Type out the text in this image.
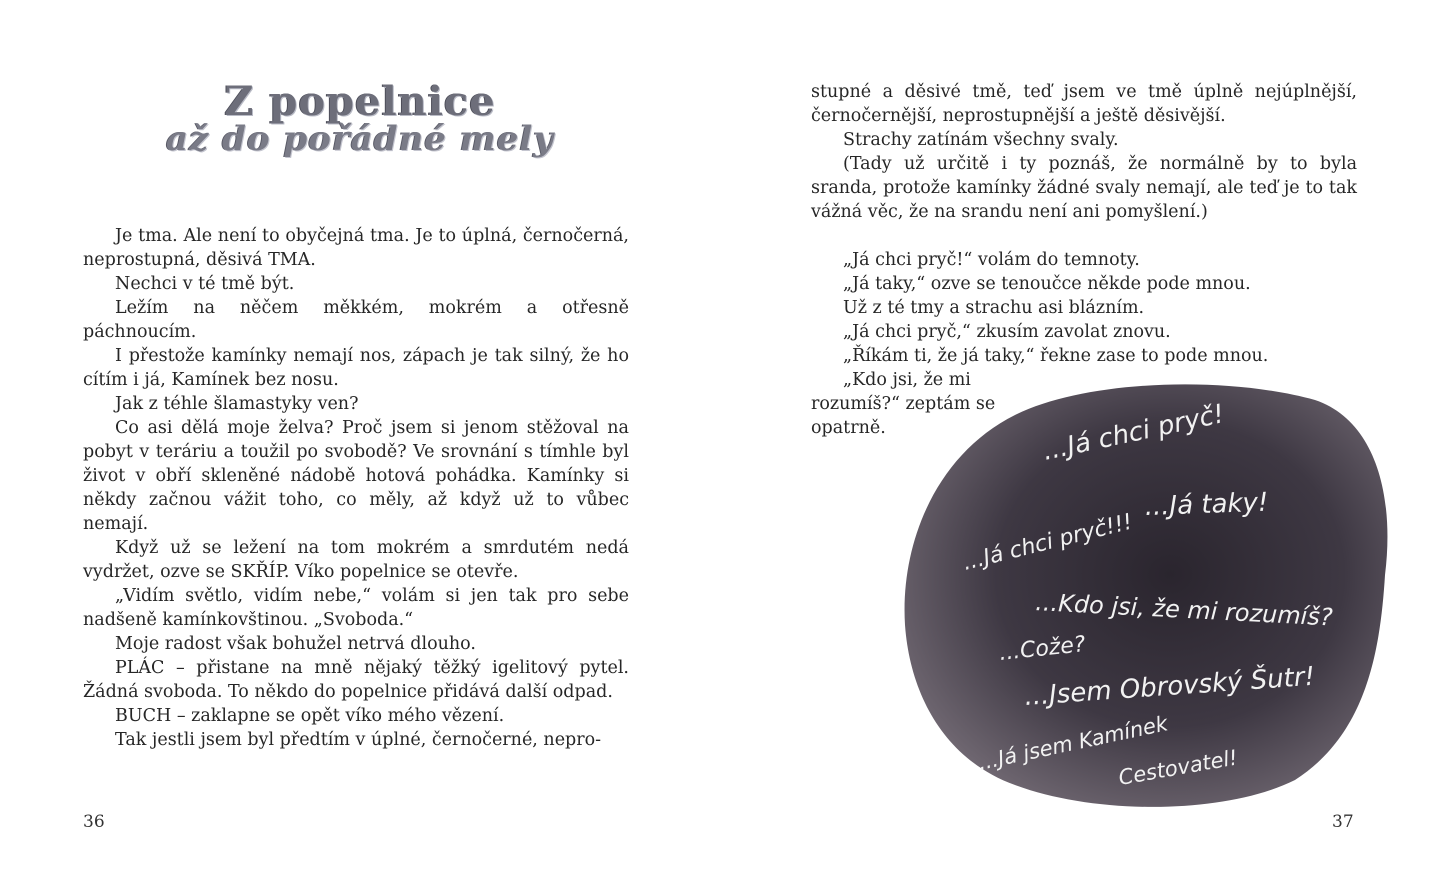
Z popelnice
až do pořádné mely

Je tma. Ale není to obyčejná tma. Je to úplná, černočerná, neprostupná, děsivá TMA.

Nechci v té tmě být.

Ležím na něčem měkkém, mokrém a otřesně páchnoucím.

I přestože kamínky nemají nos, zápach je tak silný, že ho cítím i já, Kamínek bez nosu.

Jak z téhle šlamastyky ven?

Co asi dělá moje želva? Proč jsem si jenom stěžoval na pobyt v teráriu a toužil po svobodě? Ve srovnání s tímhle byl život v obří skleněné nádobě hotová pohádka. Kamínky si někdy začnou vážit toho, co měly, až když už to vůbec nemají.

Když už se ležení na tom mokrém a smrdutém nedá vydržet, ozve se SKŘÍP. Víko popelnice se otevře.

„Vidím světlo, vidím nebe,“ volám si jen tak pro sebe nadšeně kamínkovštinou. „Svoboda.“

Moje radost však bohužel netrvá dlouho.

PLÁC – přistane na mně nějaký těžký igelitový pytel. Žádná svoboda. To někdo do popelnice přidává další odpad.

BUCH – zaklapne se opět víko mého vězení.

Tak jestli jsem byl předtím v úplné, černočerné, nepro-

36

stupné a děsivé tmě, teď jsem ve tmě úplně nejúplnější, černočernější, neprostupnější a ještě děsivější.

Strachy zatínám všechny svaly.

(Tady už určitě i ty poznáš, že normálně by to byla sranda, protože kamínky žádné svaly nemají, ale teď je to tak vážná věc, že na srandu není ani pomyšlení.)

„Já chci pryč!“ volám do temnoty.

„Já taky,“ ozve se tenoučce někde pode mnou.

Už z té tmy a strachu asi blázním.

„Já chci pryč,“ zkusím zavolat znovu.

„Říkám ti, že já taky,“ řekne zase to pode mnou.

„Kdo jsi, že mi rozumíš?“ zeptám se opatrně.	...Já chci pryč!
...Já taky!
...Já chci pryč!!!
...Kdo jsi, že mi rozumíš?
...Cože?
...Jsem Obrovský Šutr!
...Já jsem Kamínek
Cestovatel!
37
